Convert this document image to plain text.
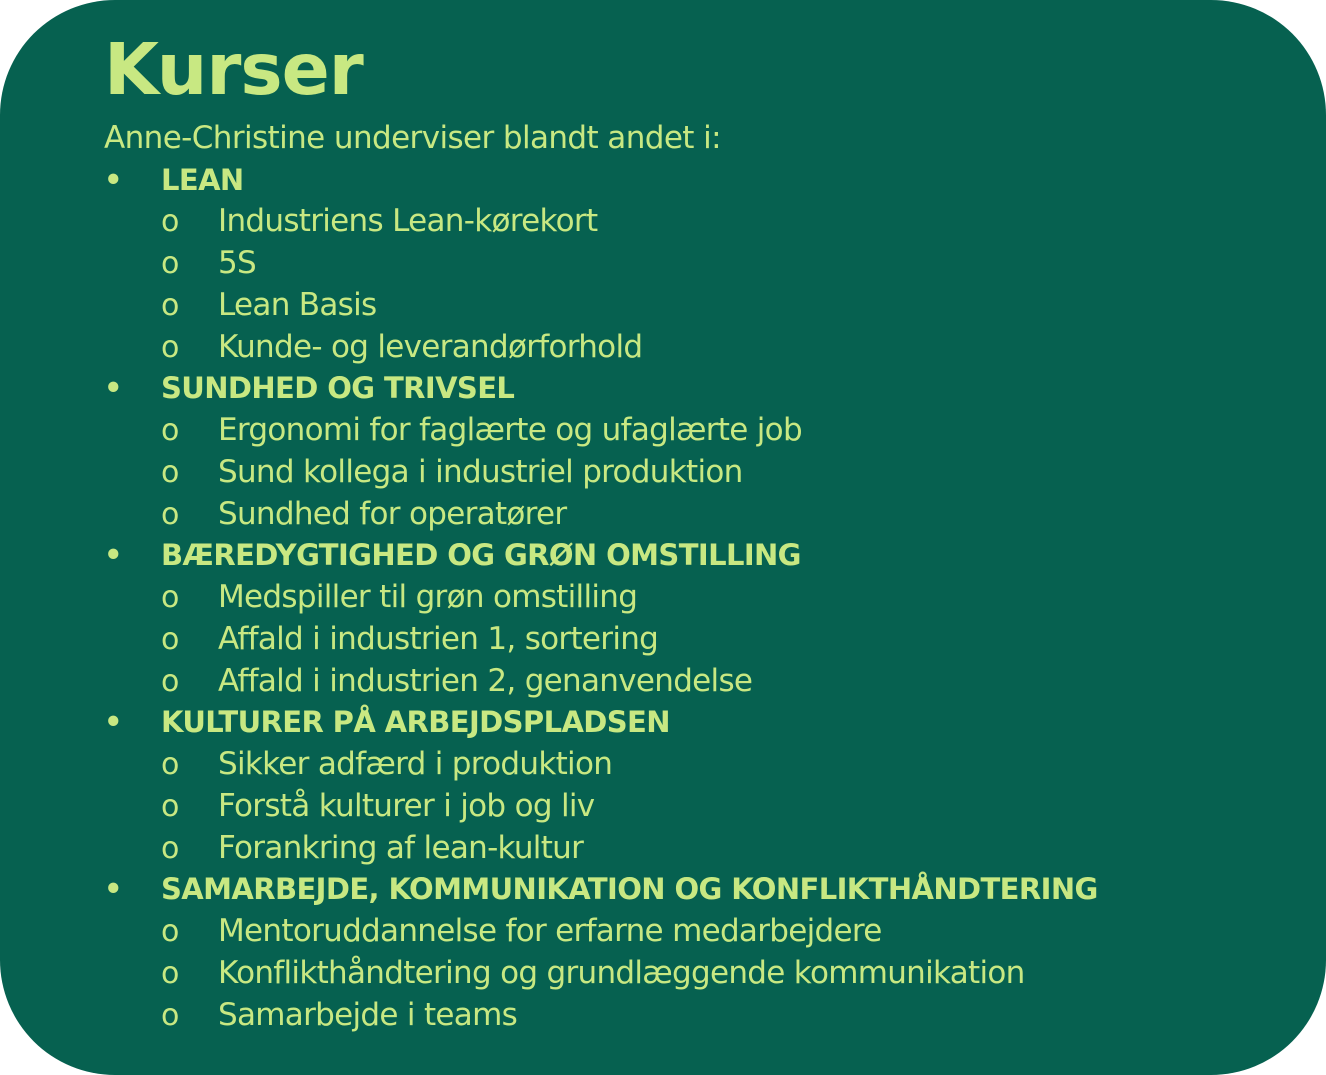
Kurser
Anne-Christine underviser blandt andet i:
• LEAN
o Industriens Lean-kørekort
o 5S
o Lean Basis
o Kunde- og leverandørforhold
• SUNDHED OG TRIVSEL
o Ergonomi for faglærte og ufaglærte job
o Sund kollega i industriel produktion
o Sundhed for operatører
• BÆREDYGTIGHED OG GRØN OMSTILLING
o Medspiller til grøn omstilling
o Affald i industrien 1, sortering
o Affald i industrien 2, genanvendelse
• KULTURER PÅ ARBEJDSPLADSEN
o Sikker adfærd i produktion
o Forstå kulturer i job og liv
o Forankring af lean-kultur
• SAMARBEJDE, KOMMUNIKATION OG KONFLIKTHÅNDTERING
o Mentoruddannelse for erfarne medarbejdere
o Konflikthåndtering og grundlæggende kommunikation
o Samarbejde i teams
